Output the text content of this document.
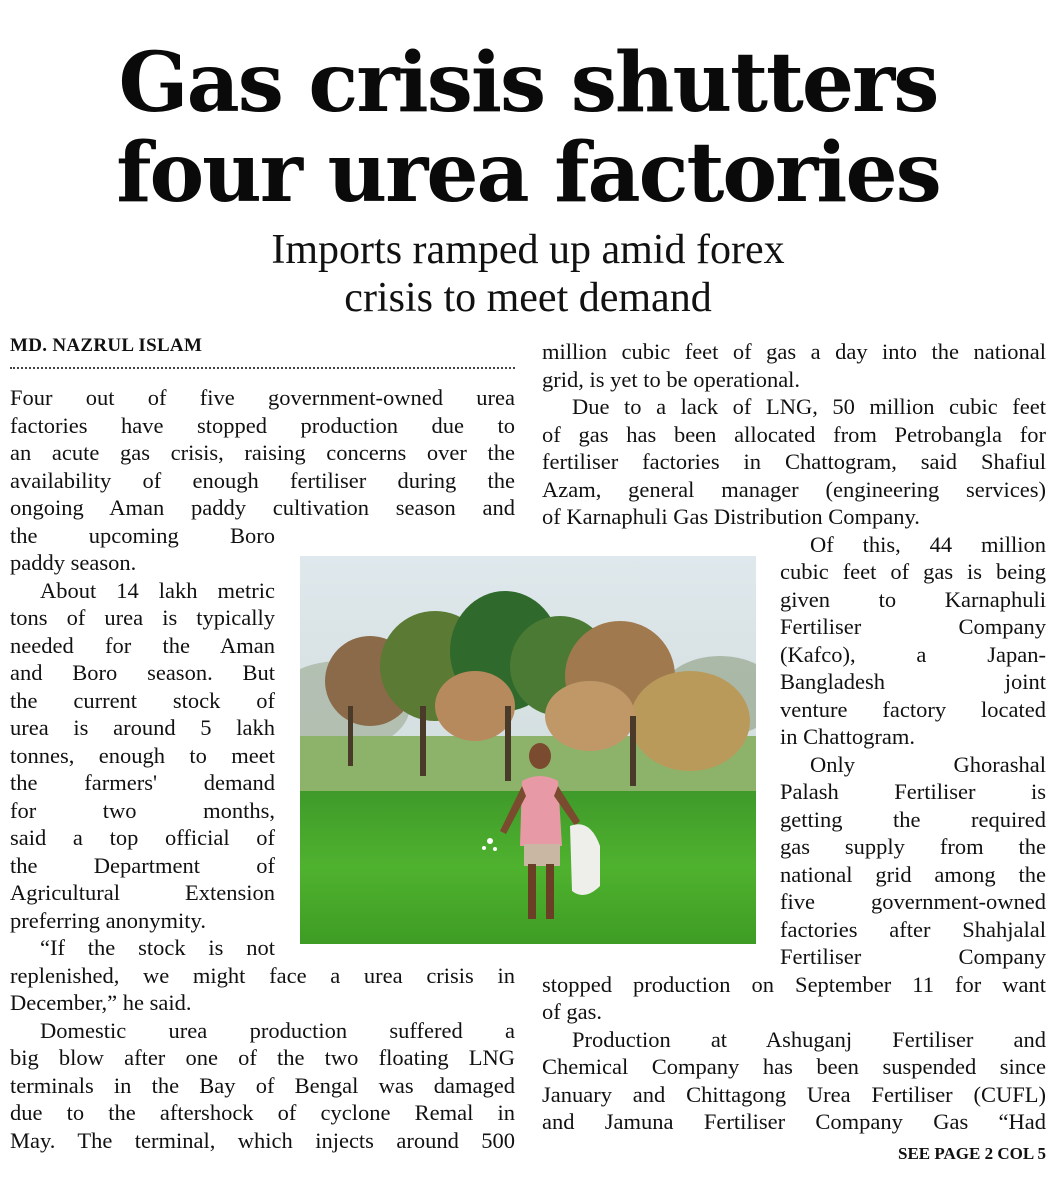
Gas crisis shutters
four urea factories
Imports ramped up amid forex
crisis to meet demand
MD. NAZRUL ISLAM

Four out of five government-owned urea

factories have stopped production due to

an acute gas crisis, raising concerns over the

availability of enough fertiliser during the

ongoing Aman paddy cultivation season and

the upcoming Boro

paddy season.

About 14 lakh metric

tons of urea is typically

needed for the Aman

and Boro season. But

the current stock of

urea is around 5 lakh

tonnes, enough to meet

the farmers' demand

for two months,

said a top official of

the Department of

Agricultural Extension

preferring anonymity.

“If the stock is not

replenished, we might face a urea crisis in

December,” he said.

Domestic urea production suffered a

big blow after one of the two floating LNG

terminals in the Bay of Bengal was damaged

due to the aftershock of cyclone Remal in

May. The terminal, which injects around 500

million cubic feet of gas a day into the national

grid, is yet to be operational.

Due to a lack of LNG, 50 million cubic feet

of gas has been allocated from Petrobangla for

fertiliser factories in Chattogram, said Shafiul

Azam, general manager (engineering services)

of Karnaphuli Gas Distribution Company.

Of this, 44 million

cubic feet of gas is being

given to Karnaphuli

Fertiliser Company

(Kafco), a Japan-

Bangladesh joint

venture factory located

in Chattogram.

Only Ghorashal

Palash Fertiliser is

getting the required

gas supply from the

national grid among the

five government-owned

factories after Shahjalal

Fertiliser Company

stopped production on September 11 for want

of gas.

Production at Ashuganj Fertiliser and

Chemical Company has been suspended since

January and Chittagong Urea Fertiliser (CUFL)

and Jamuna Fertiliser Company Gas “Had

SEE PAGE 2 COL 5
